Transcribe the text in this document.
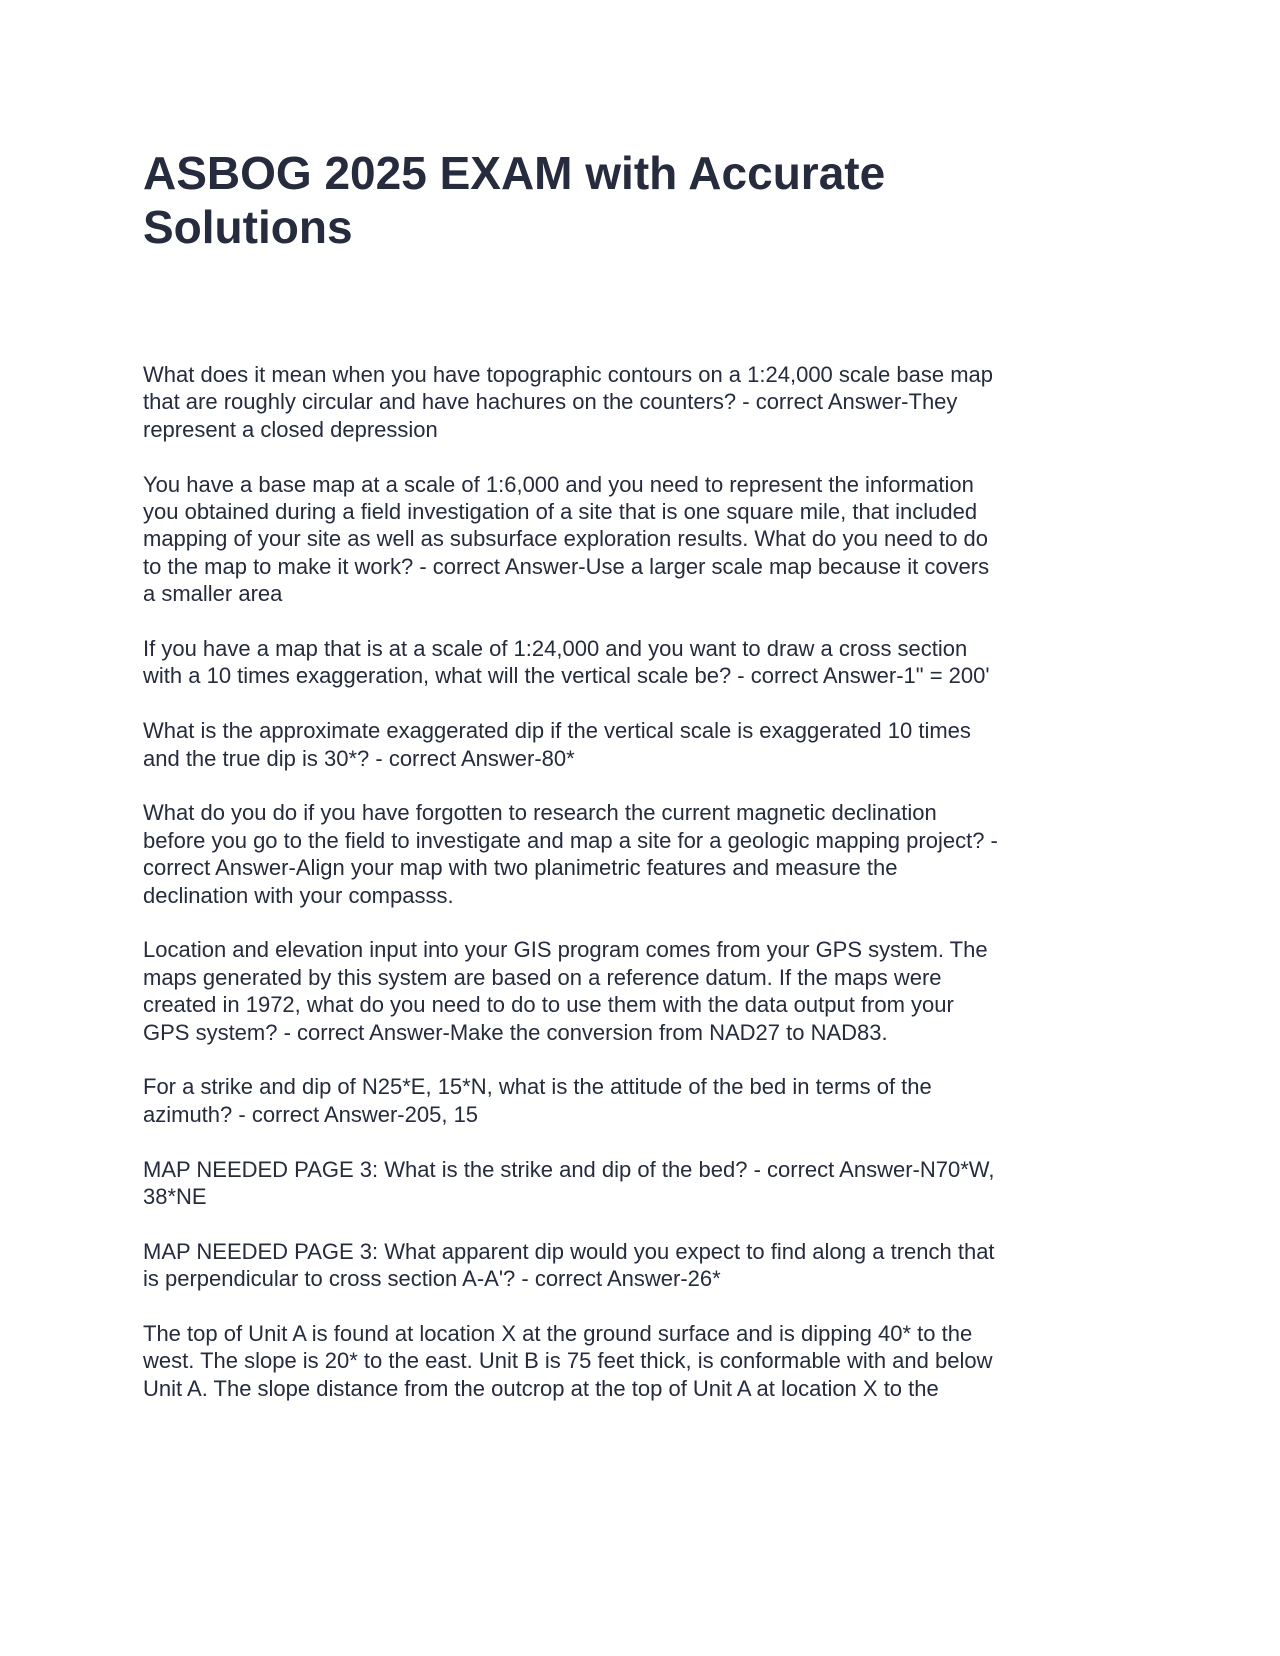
ASBOG 2025 EXAM with Accurate
Solutions

What does it mean when you have topographic contours on a 1:24,000 scale base map
that are roughly circular and have hachures on the counters? - correct Answer-They
represent a closed depression

You have a base map at a scale of 1:6,000 and you need to represent the information
you obtained during a field investigation of a site that is one square mile, that included
mapping of your site as well as subsurface exploration results. What do you need to do
to the map to make it work? - correct Answer-Use a larger scale map because it covers
a smaller area

If you have a map that is at a scale of 1:24,000 and you want to draw a cross section
with a 10 times exaggeration, what will the vertical scale be? - correct Answer-1" = 200'

What is the approximate exaggerated dip if the vertical scale is exaggerated 10 times
and the true dip is 30*? - correct Answer-80*

What do you do if you have forgotten to research the current magnetic declination
before you go to the field to investigate and map a site for a geologic mapping project? -
correct Answer-Align your map with two planimetric features and measure the
declination with your compasss.

Location and elevation input into your GIS program comes from your GPS system. The
maps generated by this system are based on a reference datum. If the maps were
created in 1972, what do you need to do to use them with the data output from your
GPS system? - correct Answer-Make the conversion from NAD27 to NAD83.

For a strike and dip of N25*E, 15*N, what is the attitude of the bed in terms of the
azimuth? - correct Answer-205, 15

MAP NEEDED PAGE 3: What is the strike and dip of the bed? - correct Answer-N70*W,
38*NE

MAP NEEDED PAGE 3: What apparent dip would you expect to find along a trench that
is perpendicular to cross section A-A'? - correct Answer-26*

The top of Unit A is found at location X at the ground surface and is dipping 40* to the
west. The slope is 20* to the east. Unit B is 75 feet thick, is conformable with and below
Unit A. The slope distance from the outcrop at the top of Unit A at location X to the
